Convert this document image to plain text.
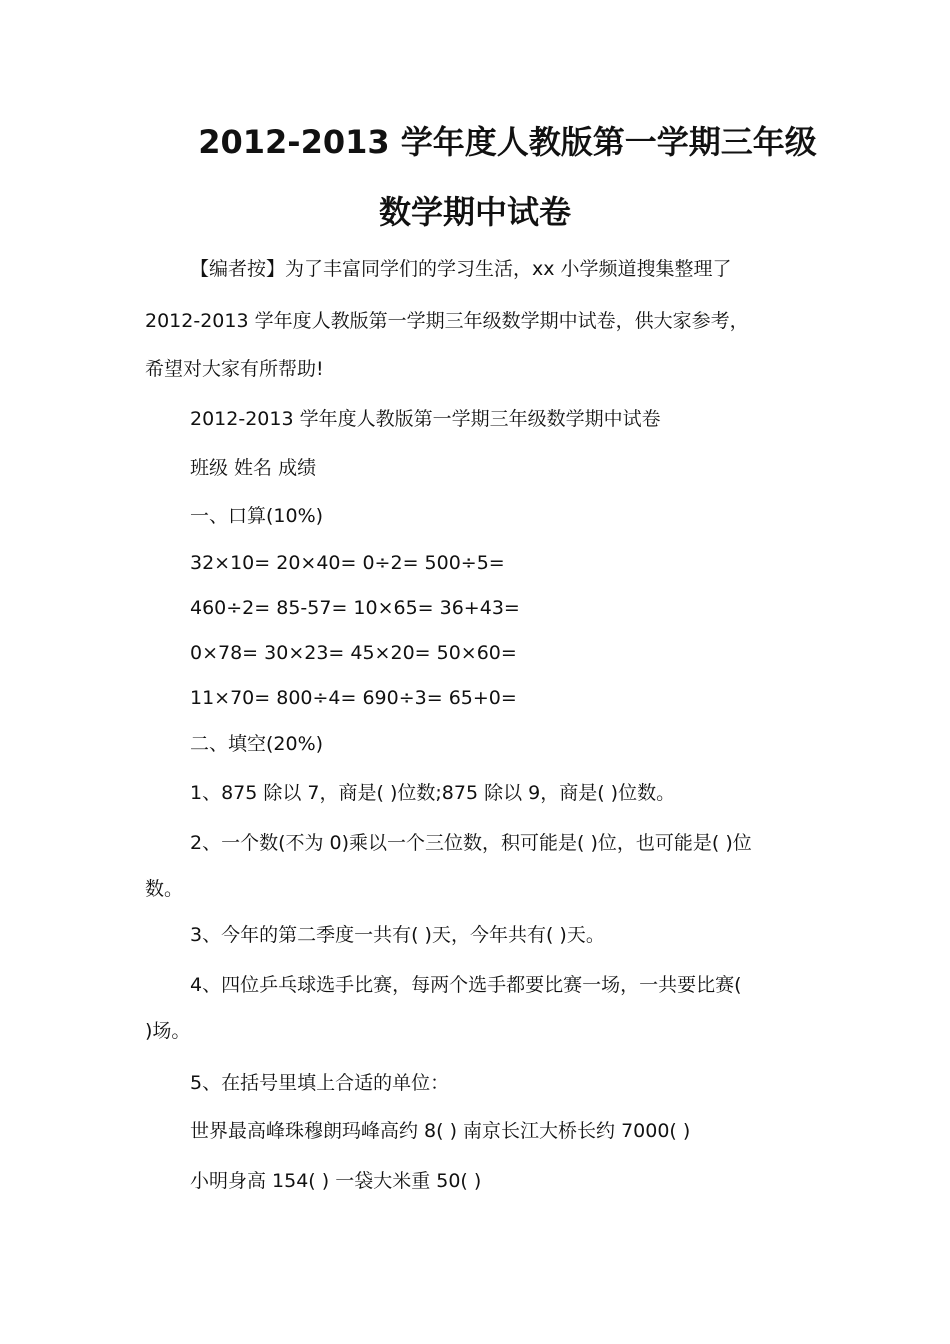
2012-2013 学年度人教版第一学期三年级
数学期中试卷

【编者按】为了丰富同学们的学习生活，xx 小学频道搜集整理了

2012-2013 学年度人教版第一学期三年级数学期中试卷，供大家参考，

希望对大家有所帮助!

2012-2013 学年度人教版第一学期三年级数学期中试卷

班级 姓名 成绩

一、口算(10%)

32×10= 20×40= 0÷2= 500÷5=

460÷2= 85-57= 10×65= 36+43=

0×78= 30×23= 45×20= 50×60=

11×70= 800÷4= 690÷3= 65+0=

二、填空(20%)

1、875 除以 7，商是( )位数;875 除以 9，商是( )位数。

2、一个数(不为 0)乘以一个三位数，积可能是( )位，也可能是( )位

数。

3、今年的第二季度一共有( )天，今年共有( )天。

4、四位乒乓球选手比赛，每两个选手都要比赛一场，一共要比赛(

)场。

5、在括号里填上合适的单位：

世界最高峰珠穆朗玛峰高约 8( ) 南京长江大桥长约 7000( )

小明身高 154( ) 一袋大米重 50( )
